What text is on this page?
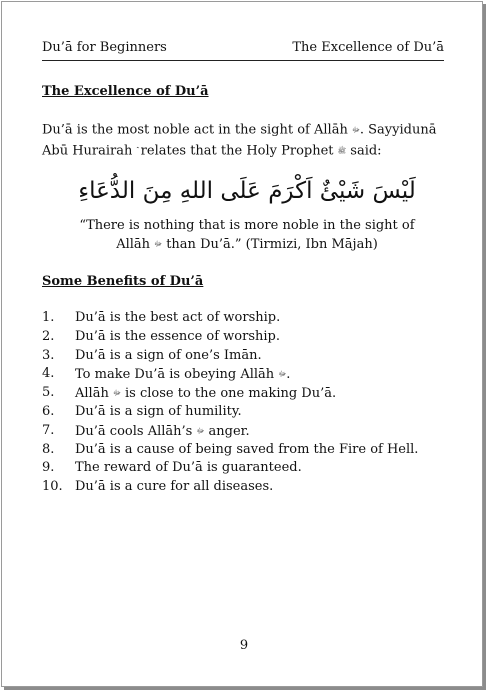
Du’ā for Beginners	The Excellence of Du’ā
The Excellence of Du’ā
Du’ā is the most noble act in the sight of Allāh ﷻ. Sayyidunā Abū Hurairah  relates that the Holy Prophet ﷺ said:
لَيْسَ شَيْئٌ اَكْرَمَ عَلَى اللهِ مِنَ الدُّعَاءِ
“There is nothing that is more noble in the sight of
Allāh ﷻ than Du’ā.” (Tirmizi, Ibn Mājah)
Some Benefits of Du’ā
1.	Du’ā is the best act of worship.
2.	Du’ā is the essence of worship.
3.	Du’ā is a sign of one’s Imān.
4.	To make Du’ā is obeying Allāh ﷻ.
5.	Allāh ﷻ is close to the one making Du’ā.
6.	Du’ā is a sign of humility.
7.	Du’ā cools Allāh’s ﷻ anger.
8.	Du’ā is a cause of being saved from the Fire of Hell.
9.	The reward of Du’ā is guaranteed.
10. Du’ā is a cure for all diseases.
9
